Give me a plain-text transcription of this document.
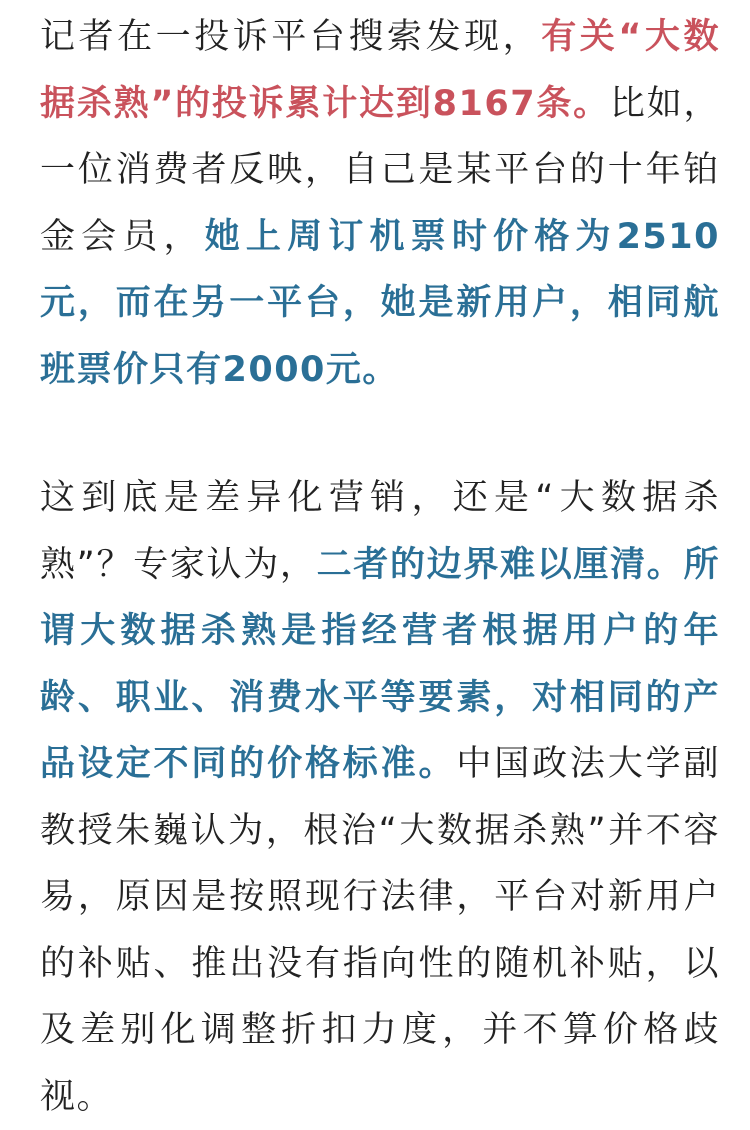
记者在一投诉平台搜索发现，有关“大数据杀熟”的投诉累计达到8167条。比如，一位消费者反映，自己是某平台的十年铂金会员，她上周订机票时价格为2510元，而在另一平台，她是新用户，相同航班票价只有2000元。

这到底是差异化营销，还是“大数据杀熟”？专家认为，二者的边界难以厘清。所谓大数据杀熟是指经营者根据用户的年龄、职业、消费水平等要素，对相同的产品设定不同的价格标准。中国政法大学副教授朱巍认为，根治“大数据杀熟”并不容易，原因是按照现行法律，平台对新用户的补贴、推出没有指向性的随机补贴，以及差别化调整折扣力度，并不算价格歧视。
